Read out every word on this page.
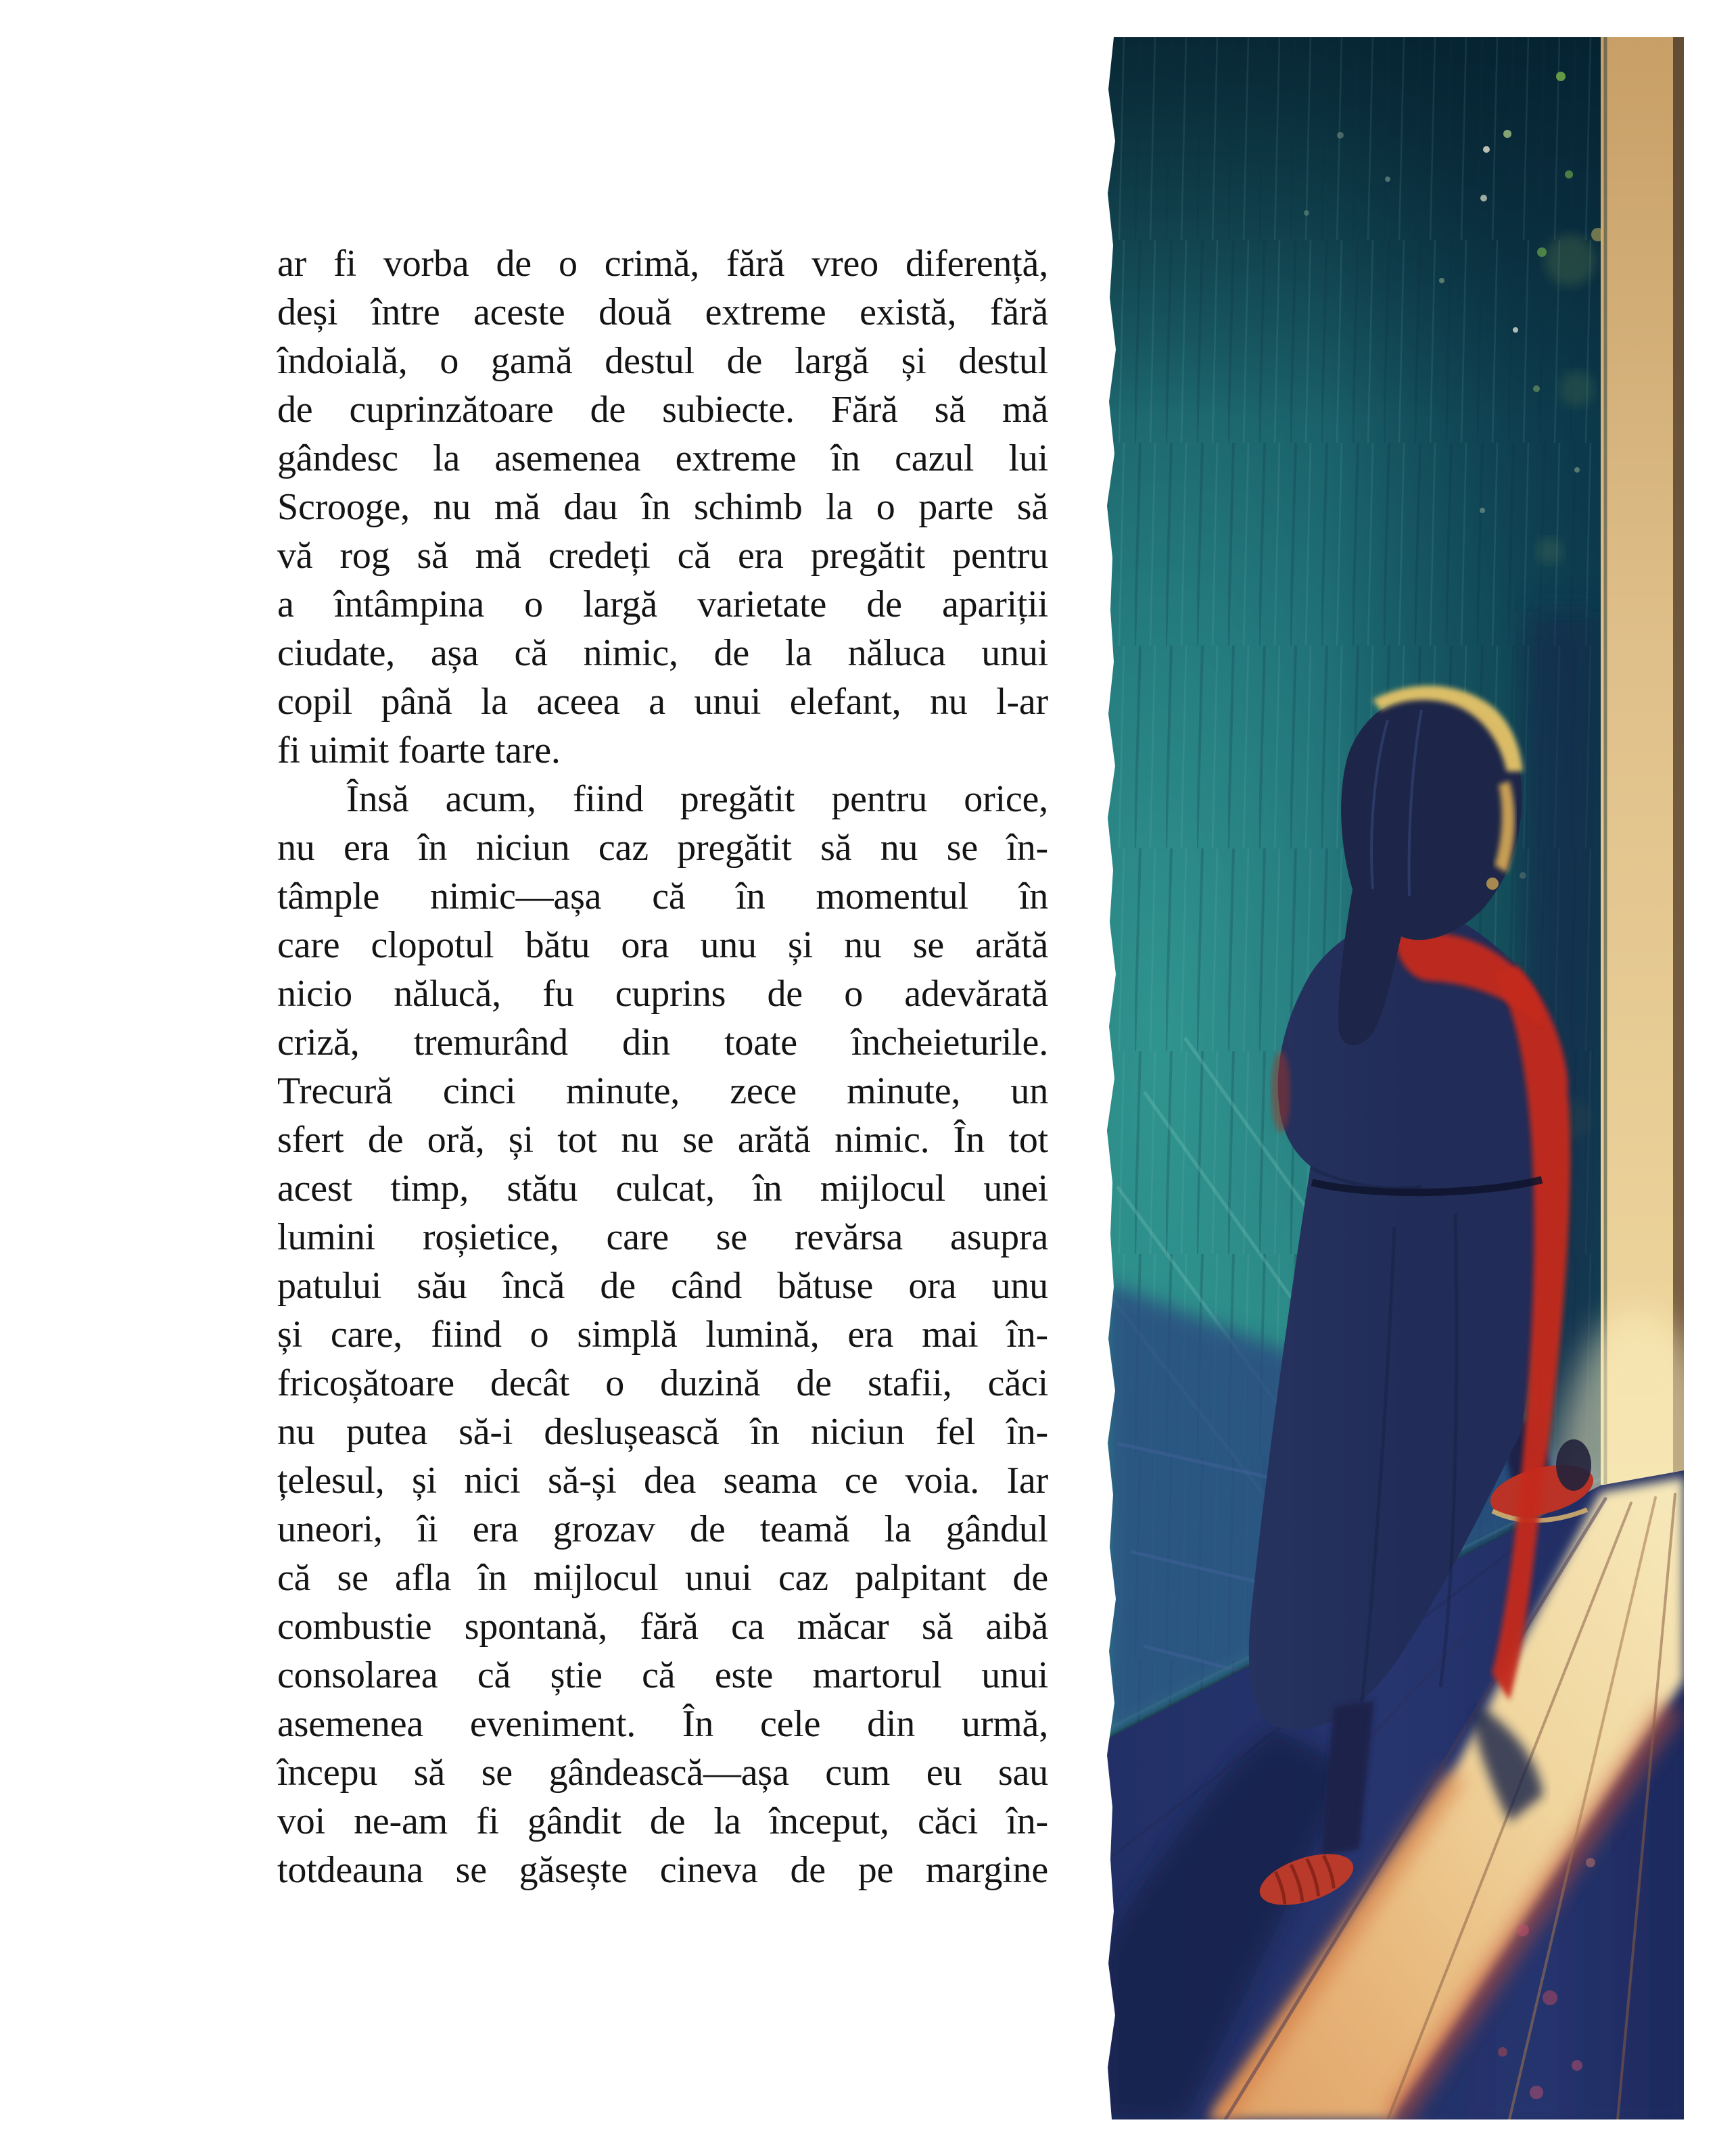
ar fi vorba de o crimă, fără vreo diferență,
deși între aceste două extreme există, fără
îndoială, o gamă destul de largă și destul
de cuprinzătoare de subiecte. Fără să mă
gândesc la asemenea extreme în cazul lui
Scrooge, nu mă dau în schimb la o parte să
vă rog să mă credeți că era pregătit pentru
a întâmpina o largă varietate de apariții
ciudate, așa că nimic, de la năluca unui
copil până la aceea a unui elefant, nu l-ar
fi uimit foarte tare.
Însă acum, fiind pregătit pentru orice,
nu era în niciun caz pregătit să nu se în-
tâmple nimic—așa că în momentul în
care clopotul bătu ora unu și nu se arătă
nicio nălucă, fu cuprins de o adevărată
criză, tremurând din toate încheieturile.
Trecură cinci minute, zece minute, un
sfert de oră, și tot nu se arătă nimic. În tot
acest timp, stătu culcat, în mijlocul unei
lumini roșietice, care se revărsa asupra
patului său încă de când bătuse ora unu
și care, fiind o simplă lumină, era mai în-
fricoșătoare decât o duzină de stafii, căci
nu putea să-i deslușească în niciun fel în-
țelesul, și nici să-și dea seama ce voia. Iar
uneori, îi era grozav de teamă la gândul
că se afla în mijlocul unui caz palpitant de
combustie spontană, fără ca măcar să aibă
consolarea că știe că este martorul unui
asemenea eveniment. În cele din urmă,
începu să se gândească—așa cum eu sau
voi ne-am fi gândit de la început, căci în-
totdeauna se găsește cineva de pe margine
